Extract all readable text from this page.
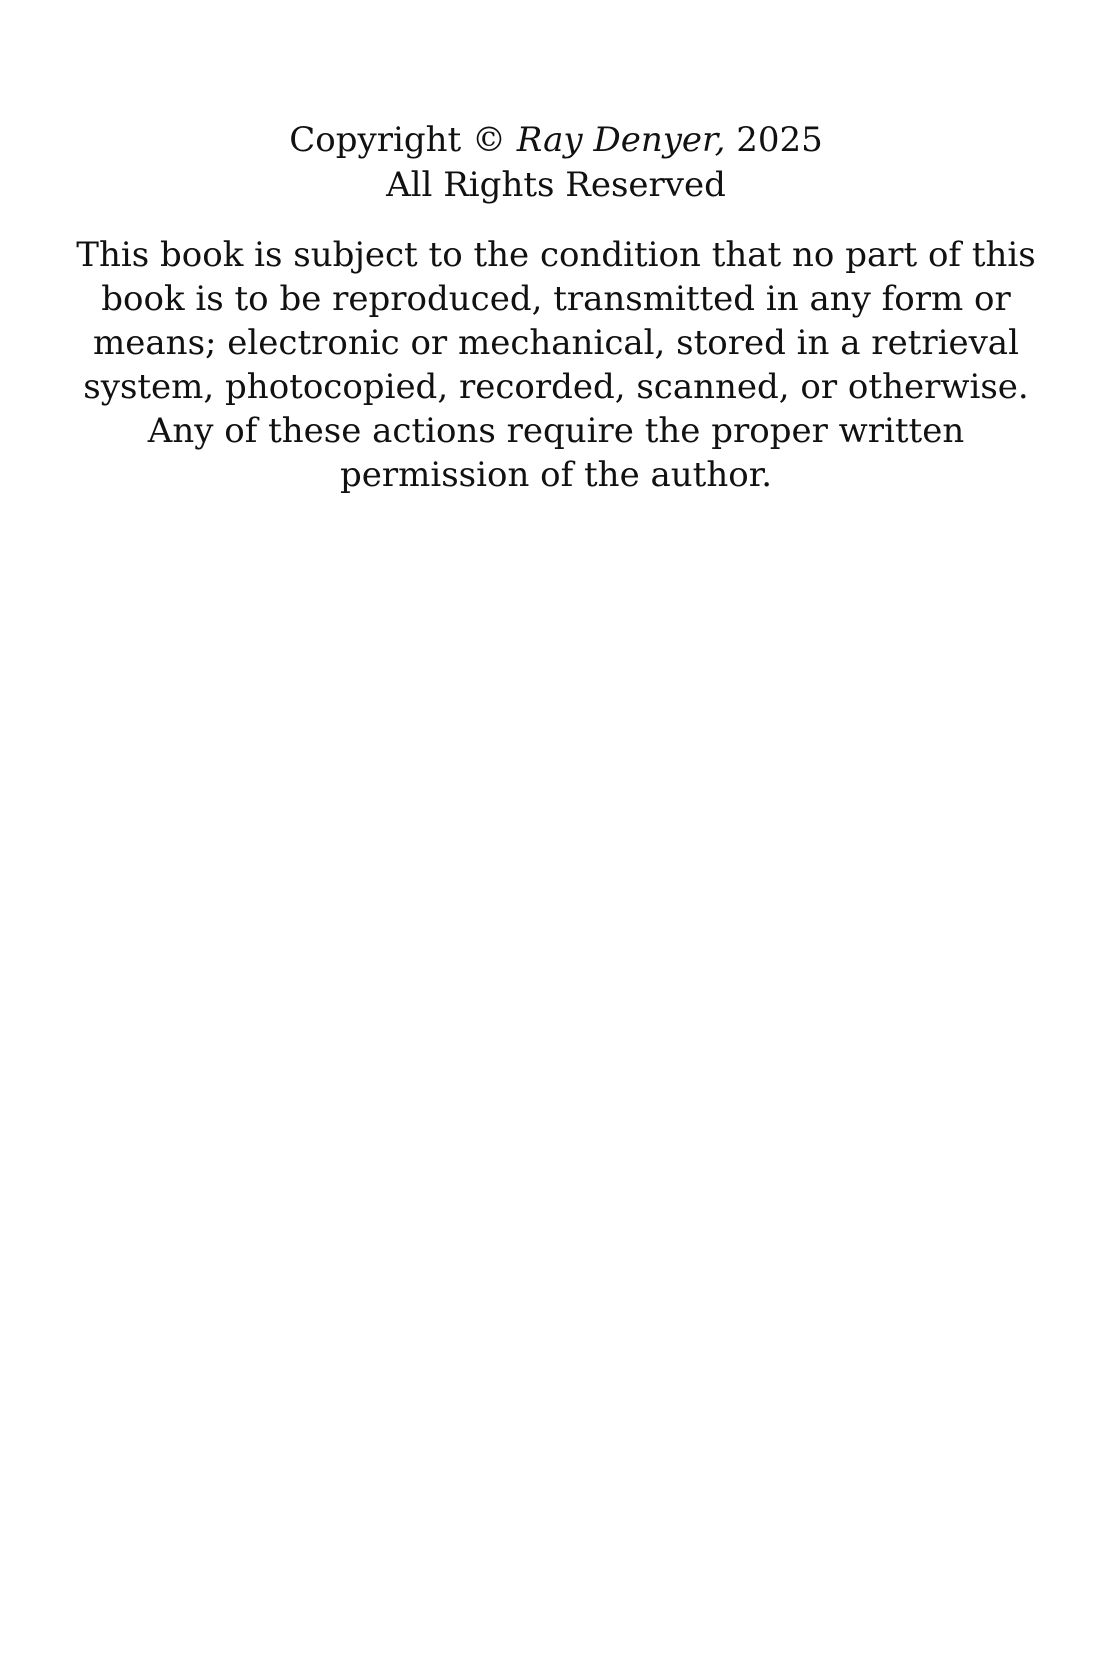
Copyright © Ray Denyer, 2025
All Rights Reserved
This book is subject to the condition that no part of this
book is to be reproduced, transmitted in any form or
means; electronic or mechanical, stored in a retrieval
system, photocopied, recorded, scanned, or otherwise.
Any of these actions require the proper written
permission of the author.
